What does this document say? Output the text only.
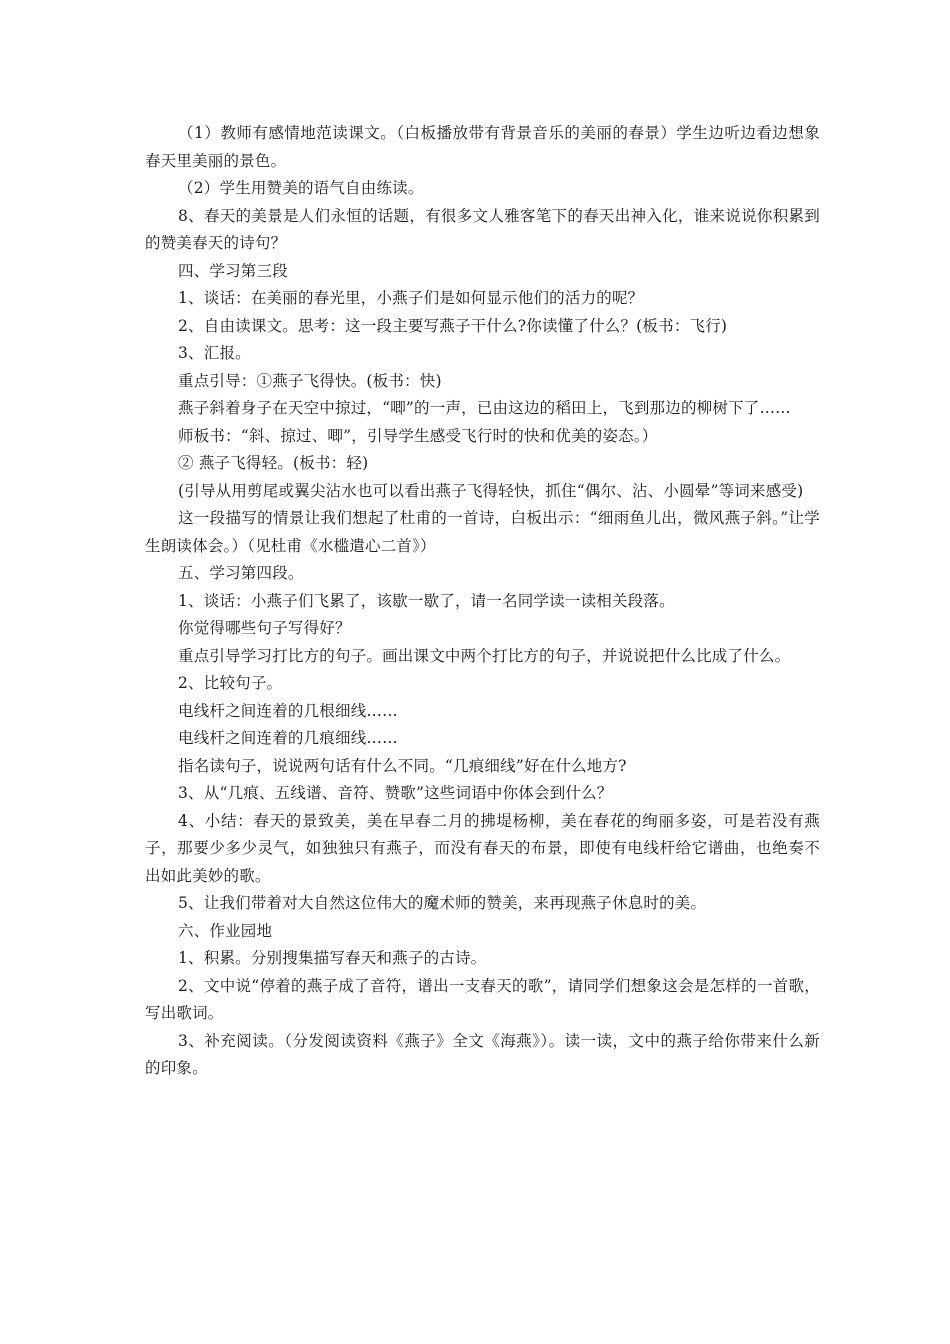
（1）教师有感情地范读课文。（白板播放带有背景音乐的美丽的春景）学生边听边看边想象春天里美丽的景色。

（2）学生用赞美的语气自由练读。

8、春天的美景是人们永恒的话题，有很多文人雅客笔下的春天出神入化，谁来说说你积累到的赞美春天的诗句？

四、学习第三段

1、谈话：在美丽的春光里，小燕子们是如何显示他们的活力的呢？

2、自由读课文。思考：这一段主要写燕子干什么?你读懂了什么？(板书：飞行)

3、汇报。

重点引导：①燕子飞得快。(板书：快)

燕子斜着身子在天空中掠过，“唧”的一声，已由这边的稻田上，飞到那边的柳树下了……

师板书：“斜、掠过、唧”，引导学生感受飞行时的快和优美的姿态。）

② 燕子飞得轻。(板书：轻)

(引导从用剪尾或翼尖沾水也可以看出燕子飞得轻快，抓住“偶尔、沾、小圆晕”等词来感受)

这一段描写的情景让我们想起了杜甫的一首诗，白板出示：“细雨鱼儿出，微风燕子斜。”让学生朗读体会。）（见杜甫《水槛遣心二首》）

五、学习第四段。

1、谈话：小燕子们飞累了，该歇一歇了，请一名同学读一读相关段落。

你觉得哪些句子写得好？

重点引导学习打比方的句子。画出课文中两个打比方的句子，并说说把什么比成了什么。

2、比较句子。

电线杆之间连着的几根细线……

电线杆之间连着的几痕细线……

指名读句子，说说两句话有什么不同。“几痕细线”好在什么地方?

3、从“几痕、五线谱、音符、赞歌”这些词语中你体会到什么？

4、小结：春天的景致美，美在早春二月的拂堤杨柳，美在春花的绚丽多姿，可是若没有燕子，那要少多少灵气，如独独只有燕子，而没有春天的布景，即使有电线杆给它谱曲，也绝奏不出如此美妙的歌。

5、让我们带着对大自然这位伟大的魔术师的赞美，来再现燕子休息时的美。

六、作业园地

1、积累。分别搜集描写春天和燕子的古诗。

2、文中说“停着的燕子成了音符，谱出一支春天的歌”，请同学们想象这会是怎样的一首歌，写出歌词。

3、补充阅读。（分发阅读资料《燕子》全文《海燕》）。读一读，文中的燕子给你带来什么新的印象。
